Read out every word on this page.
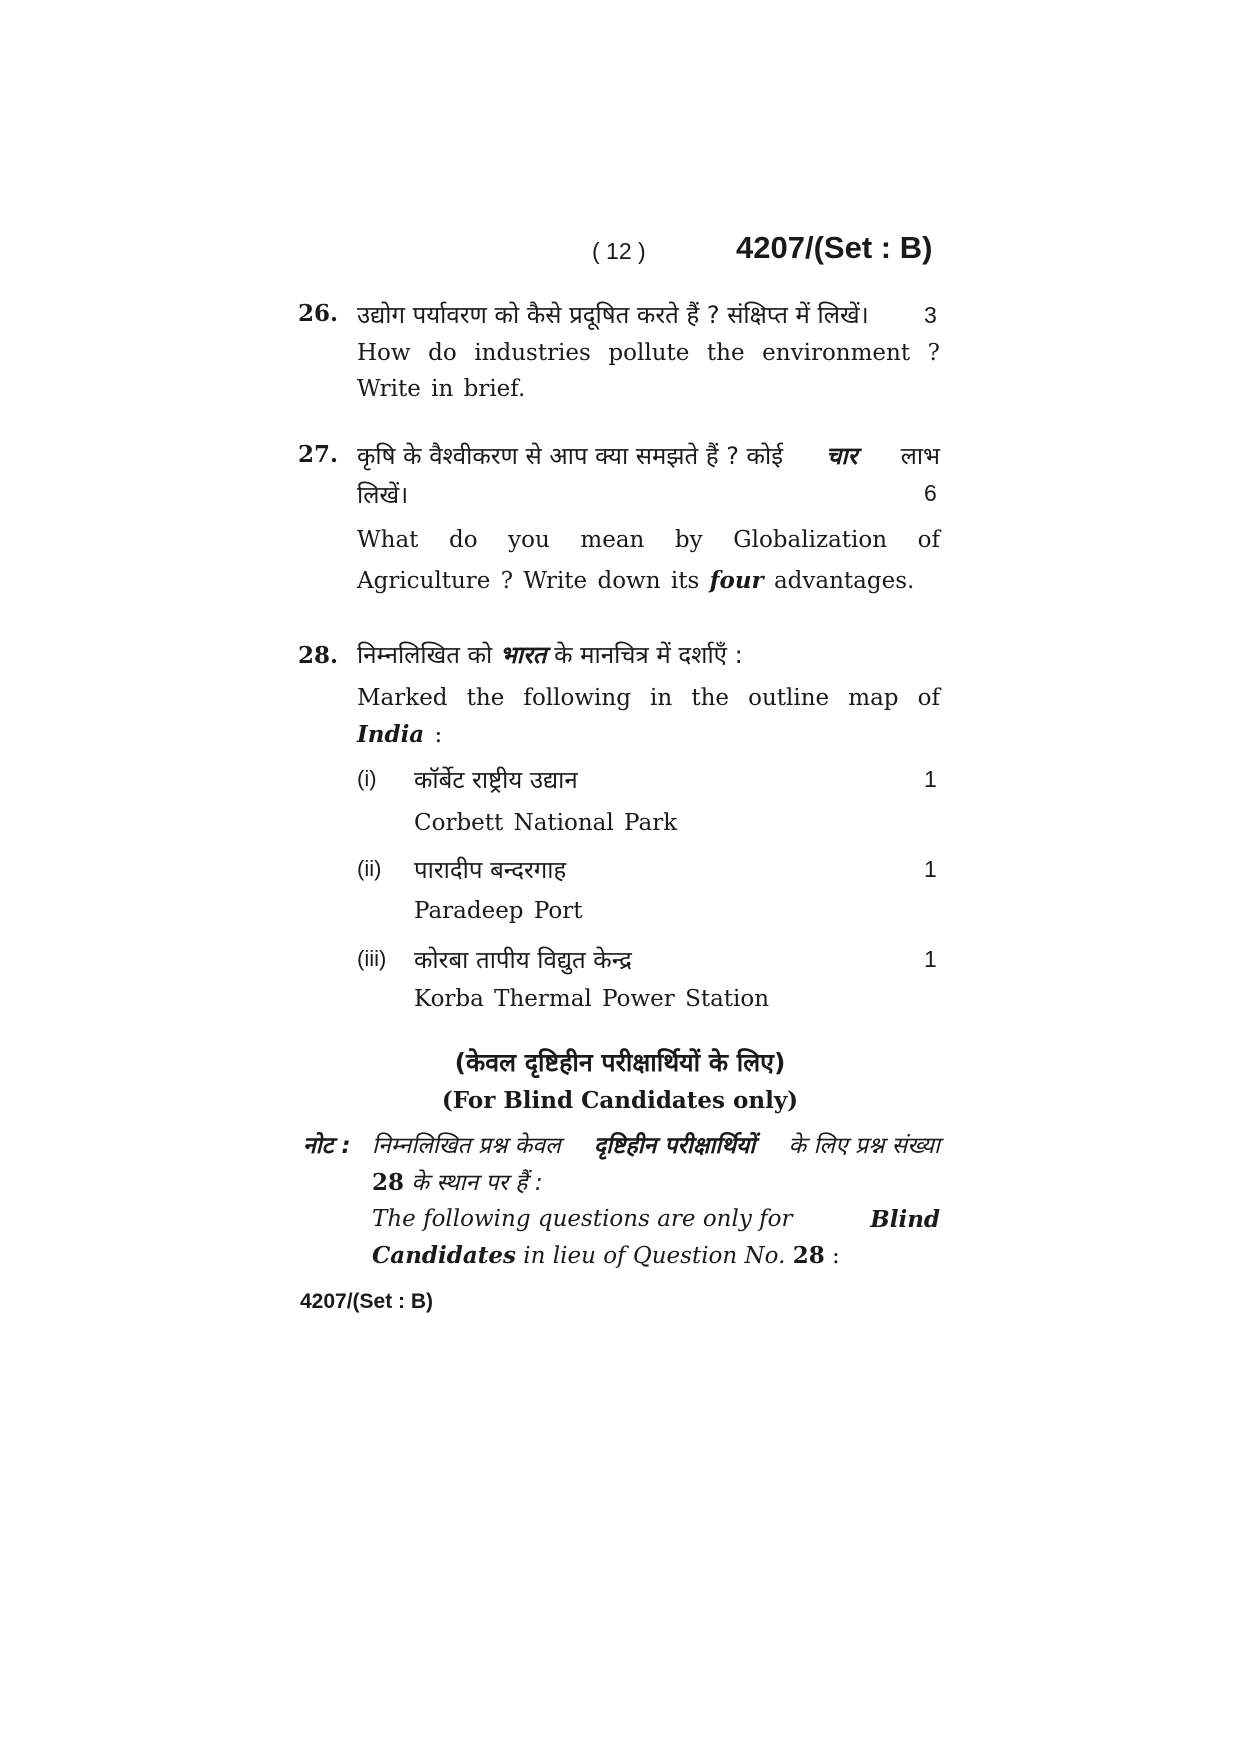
( 12 )	4207/(Set : B)
26. उद्योग पर्यावरण को कैसे प्रदूषित करते हैं ? संक्षिप्त में लिखें।	3
How do industries pollute the environment ?
Write in brief.
27. कृषि के वैश्वीकरण से आप क्या समझते हैं ? कोई चार लाभ
लिखें।	6
What do you mean by Globalization of
Agriculture ? Write down its four advantages.
28. निम्नलिखित को भारत के मानचित्र में दर्शाएँ :
Marked the following in the outline map of
India :
(i) कॉर्बेट राष्ट्रीय उद्यान	1
Corbett National Park
(ii) पारादीप बन्दरगाह	1
Paradeep Port
(iii) कोरबा तापीय विद्युत केन्द्र	1
Korba Thermal Power Station
(केवल दृष्टिहीन परीक्षार्थियों के लिए)
(For Blind Candidates only)
नोट : निम्नलिखित प्रश्न केवल दृष्टिहीन परीक्षार्थियों के लिए प्रश्न संख्या
28 के स्थान पर हैं :
The following questions are only for	Blind
Candidates in lieu of Question No. 28 :
4207/(Set : B)
